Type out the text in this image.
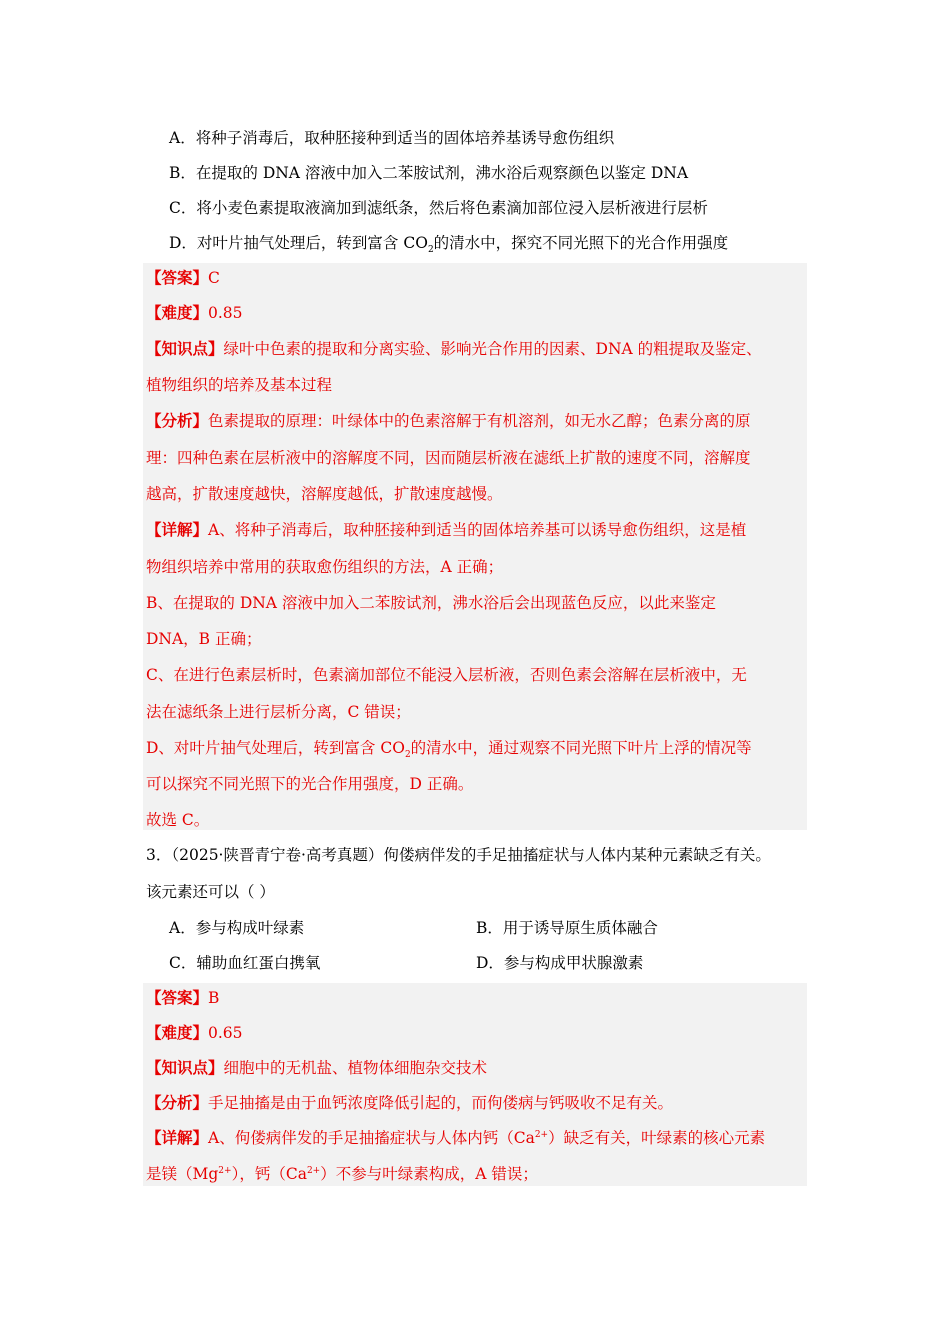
A．将种子消毒后，取种胚接种到适当的固体培养基诱导愈伤组织
B．在提取的 DNA 溶液中加入二苯胺试剂，沸水浴后观察颜色以鉴定 DNA
C．将小麦色素提取液滴加到滤纸条，然后将色素滴加部位浸入层析液进行层析
D．对叶片抽气处理后，转到富含 $CO_2$的清水中，探究不同光照下的光合作用强度
【答案】C
【难度】0.85
【知识点】绿叶中色素的提取和分离实验、影响光合作用的因素、DNA 的粗提取及鉴定、
植物组织的培养及基本过程
【分析】色素提取的原理：叶绿体中的色素溶解于有机溶剂，如无水乙醇；色素分离的原
理：四种色素在层析液中的溶解度不同，因而随层析液在滤纸上扩散的速度不同，溶解度
越高，扩散速度越快，溶解度越低，扩散速度越慢。
【详解】A、将种子消毒后，取种胚接种到适当的固体培养基可以诱导愈伤组织，这是植
物组织培养中常用的获取愈伤组织的方法，A 正确；
B、在提取的 DNA 溶液中加入二苯胺试剂，沸水浴后会出现蓝色反应，以此来鉴定
DNA，B 正确；
C、在进行色素层析时，色素滴加部位不能浸入层析液，否则色素会溶解在层析液中，无
法在滤纸条上进行层析分离，C 错误；
D、对叶片抽气处理后，转到富含 $CO_2$的清水中，通过观察不同光照下叶片上浮的情况等
可以探究不同光照下的光合作用强度，D 正确。
故选 C。
3．（2025·陕晋青宁卷·高考真题）佝偻病伴发的手足抽搐症状与人体内某种元素缺乏有关。
该元素还可以（ ）
A．参与构成叶绿素	B．用于诱导原生质体融合
C．辅助血红蛋白携氧	D．参与构成甲状腺激素
【答案】B
【难度】0.65
【知识点】细胞中的无机盐、植物体细胞杂交技术
【分析】手足抽搐是由于血钙浓度降低引起的，而佝偻病与钙吸收不足有关。
【详解】A、佝偻病伴发的手足抽搐症状与人体内钙$(Ca^{2+})$缺乏有关，叶绿素的核心元素
是镁$(Mg^{2+})$，钙$(Ca^{2+})$不参与叶绿素构成，A 错误；
